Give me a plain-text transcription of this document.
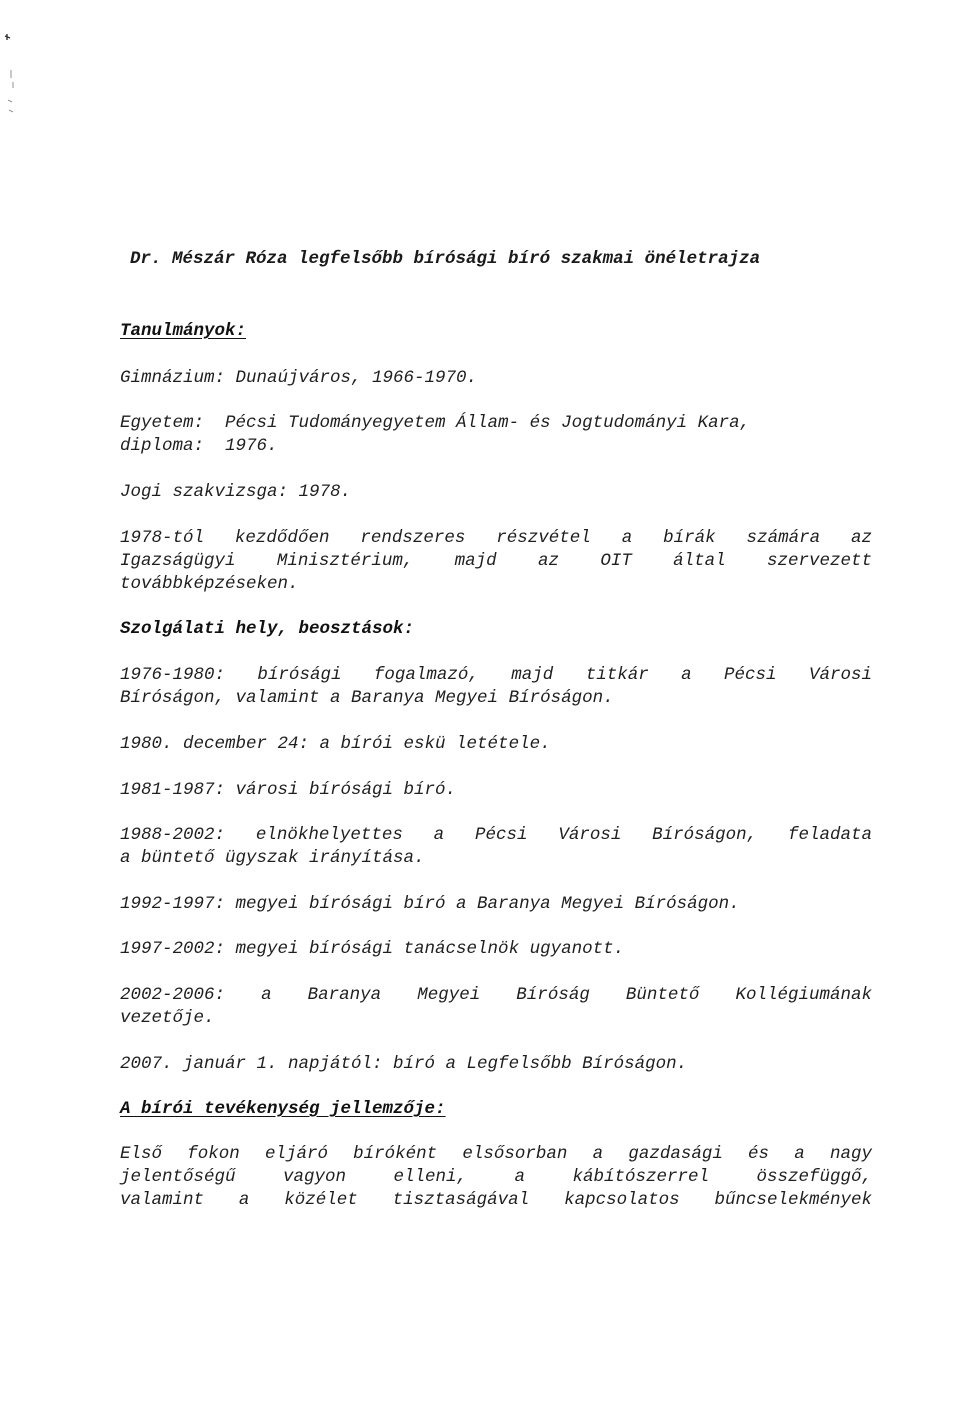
Dr. Mészár Róza legfelsőbb bírósági bíró szakmai önéletrajza
Tanulmányok:
Gimnázium: Dunaújváros, 1966-1970.
Egyetem:  Pécsi Tudományegyetem Állam- és Jogtudományi Kara,
diploma:  1976.
Jogi szakvizsga: 1978.
1978-tól kezdődően rendszeres részvétel a bírák számára az
Igazságügyi Minisztérium, majd az OIT által szervezett
továbbképzéseken.
Szolgálati hely, beosztások:
1976-1980: bírósági fogalmazó, majd titkár a Pécsi Városi
Bíróságon, valamint a Baranya Megyei Bíróságon.
1980. december 24: a bírói eskü letétele.
1981-1987: városi bírósági bíró.
1988-2002: elnökhelyettes a Pécsi Városi Bíróságon, feladata
a büntető ügyszak irányítása.
1992-1997: megyei bírósági bíró a Baranya Megyei Bíróságon.
1997-2002: megyei bírósági tanácselnök ugyanott.
2002-2006: a Baranya Megyei Bíróság Büntető Kollégiumának
vezetője.
2007. január 1. napjától: bíró a Legfelsőbb Bíróságon.
A bírói tevékenység jellemzője:
Első fokon eljáró bíróként elsősorban a gazdasági és a nagy
jelentőségű vagyon elleni, a kábítószerrel összefüggő,
valamint a közélet tisztaságával kapcsolatos bűncselekmények
